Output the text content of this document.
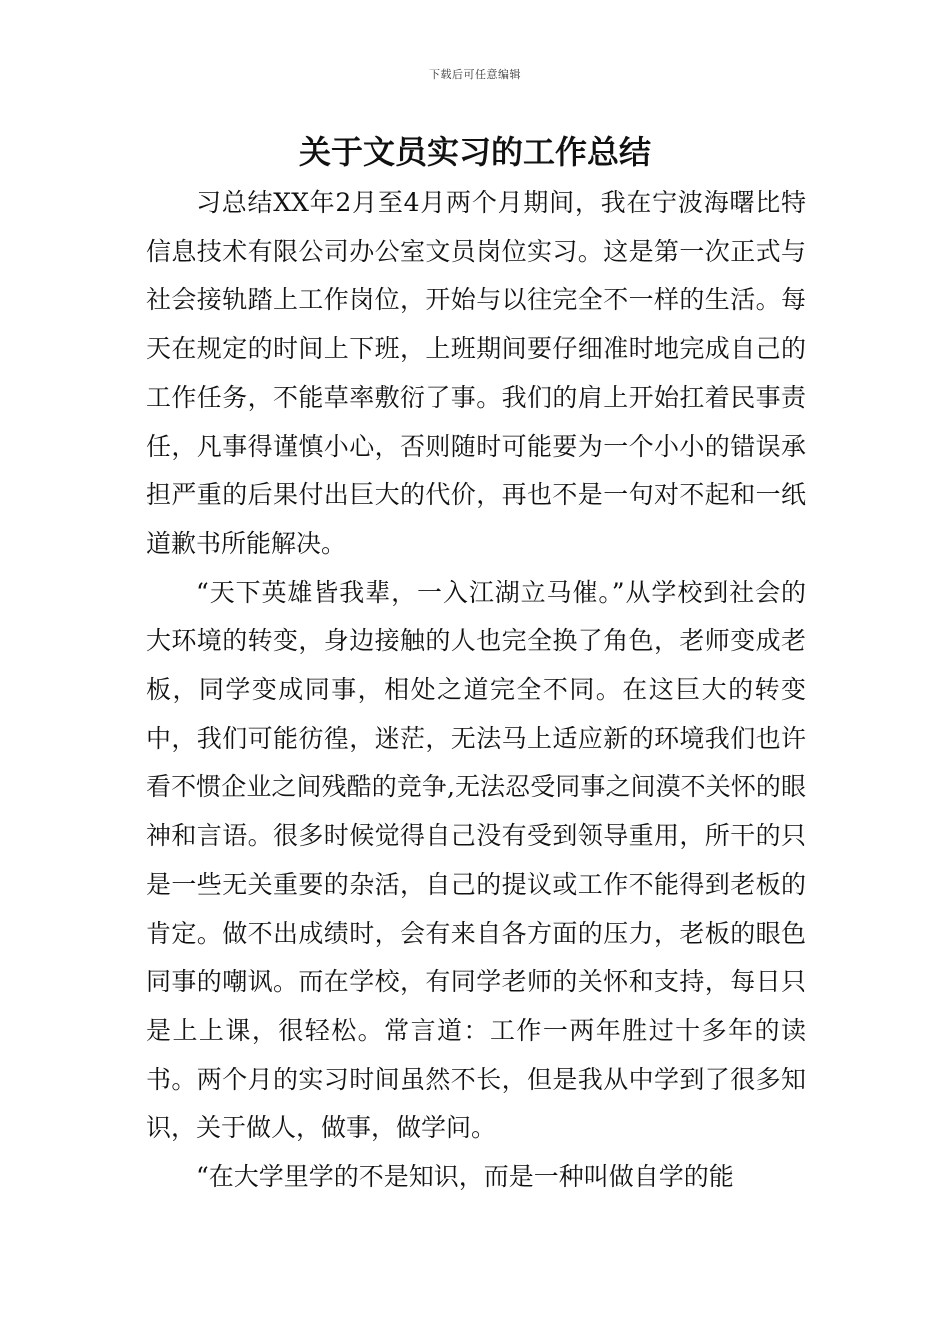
下载后可任意编辑
关于文员实习的工作总结

习总结XX年2月至4月两个月期间，我在宁波海曙比特信息技术有限公司办公室文员岗位实习。这是第一次正式与社会接轨踏上工作岗位，开始与以往完全不一样的生活。每天在规定的时间上下班，上班期间要仔细准时地完成自己的工作任务，不能草率敷衍了事。我们的肩上开始扛着民事责任，凡事得谨慎小心，否则随时可能要为一个小小的错误承担严重的后果付出巨大的代价，再也不是一句对不起和一纸道歉书所能解决。

“天下英雄皆我辈，一入江湖立马催。”从学校到社会的大环境的转变，身边接触的人也完全换了角色，老师变成老板，同学变成同事，相处之道完全不同。在这巨大的转变中，我们可能彷徨，迷茫，无法马上适应新的环境我们也许看不惯企业之间残酷的竞争,无法忍受同事之间漠不关怀的眼神和言语。很多时候觉得自己没有受到领导重用，所干的只是一些无关重要的杂活，自己的提议或工作不能得到老板的肯定。做不出成绩时，会有来自各方面的压力，老板的眼色同事的嘲讽。而在学校，有同学老师的关怀和支持，每日只是上上课，很轻松。常言道：工作一两年胜过十多年的读书。两个月的实习时间虽然不长，但是我从中学到了很多知识，关于做人，做事，做学问。

“在大学里学的不是知识，而是一种叫做自学的能
